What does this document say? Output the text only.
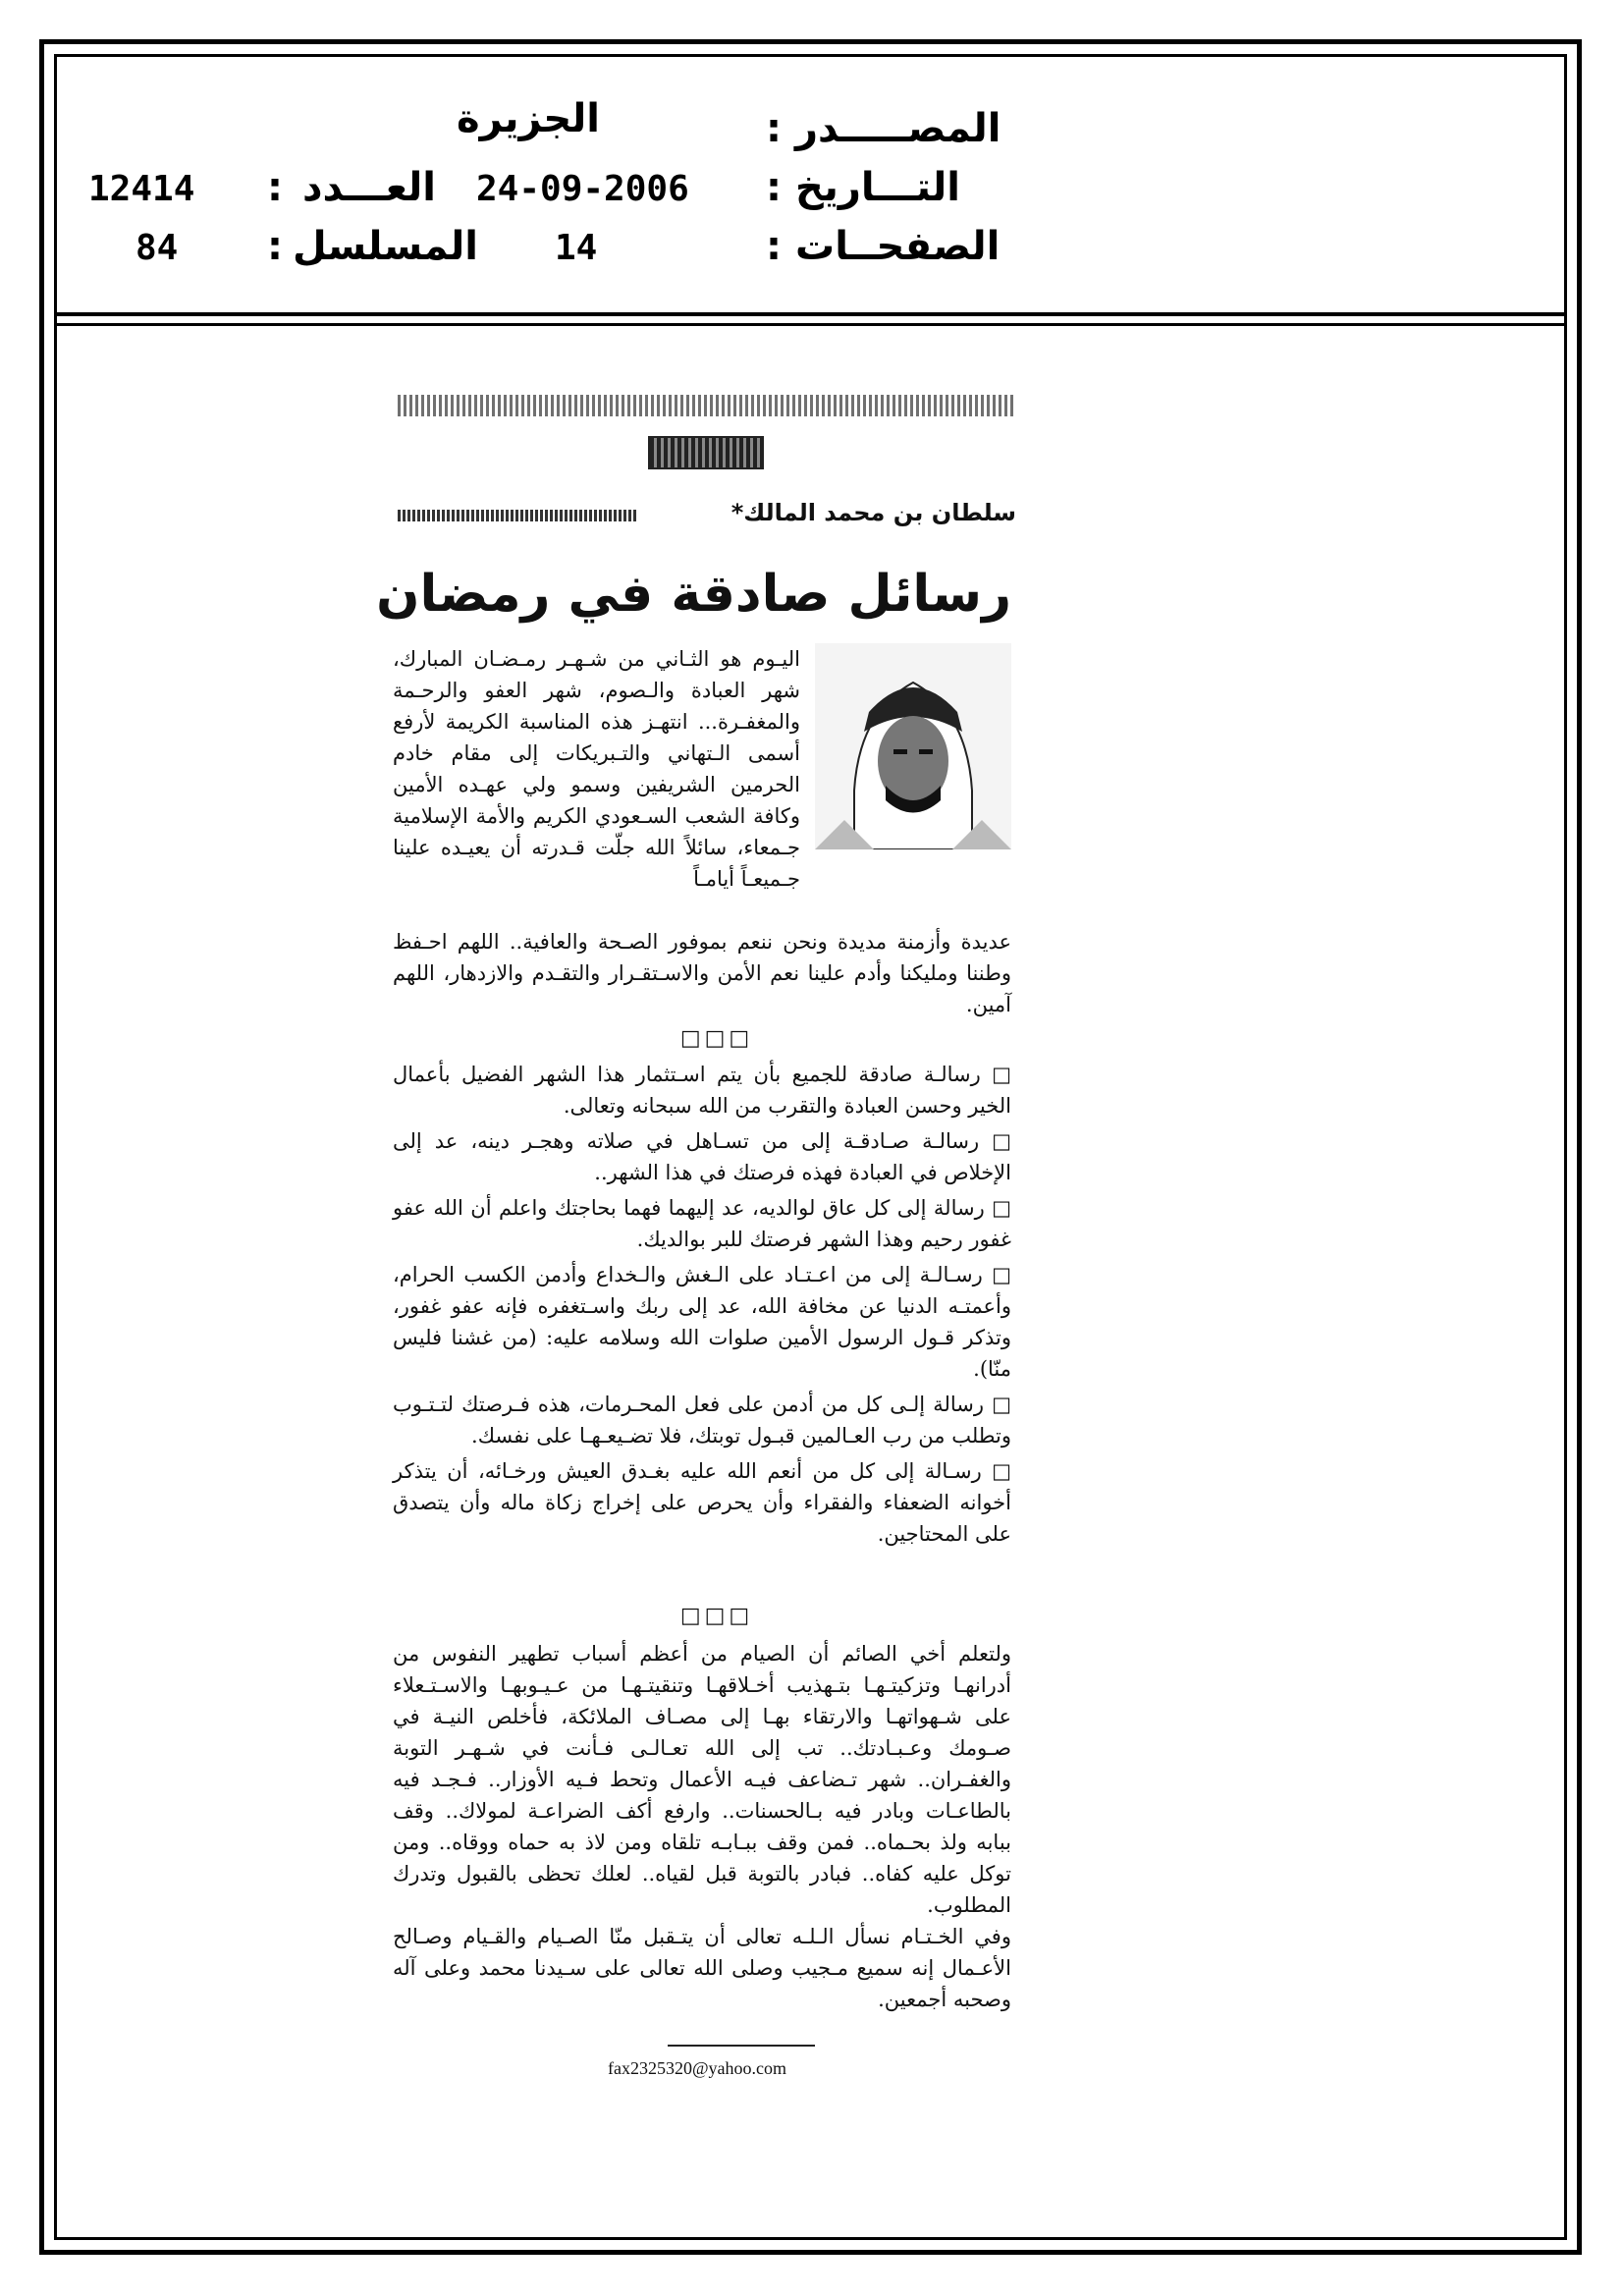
المصـــــدر
:
الجزيرة
التـــاريخ
:
24-09-2006
الصفحــات
:
14
العـــدد
:
12414
المسلسل
:
84
سلطان بن محمد المالك*
رسائل صادقة في رمضان
اليـوم هو الثـاني من شـهـر رمـضـان المبارك، شهر العبادة والـصوم، شهر العفو والرحـمة والمغفـرة... انتهـز هذه المناسبة الكريمة لأرفع أسمى الـتهاني والتـبريكات إلى مقام خادم الحرمين الشريفين وسمو ولي عهـده الأمين وكافة الشعب السـعودي الكريم والأمة الإسلامية جـمعاء، سائلاً الله جلّت قـدرته أن يعيـده علينا جـميعـاً أيامـاً
عديدة وأزمنة مديدة ونحن ننعم بموفور الصـحة والعافية.. اللهم احـفظ وطننا ومليكنا وأدم علينا نعم الأمن والاسـتقـرار والتقـدم والازدهار، اللهم آمين.
□□□

□ رسالـة صادقة للجميع بأن يتم اسـتثمار هذا الشهر الفضيل بأعمال الخير وحسن العبادة والتقرب من الله سبحانه وتعالى.

□ رسالـة صـادقـة إلى من تسـاهل في صلاته وهجـر دينه، عد إلى الإخلاص في العبادة فهذه فرصتك في هذا الشهر..

□ رسالة إلى كل عاق لوالديه، عد إليهما فهما بحاجتك واعلم أن الله عفو غفور رحيم وهذا الشهر فرصتك للبر بوالديك.

□ رسـالـة إلى من اعـتـاد على الـغش والـخداع وأدمن الكسب الحرام، وأعمتـه الدنيا عن مخافة الله، عد إلى ربك واسـتغفره فإنه عفو غفور، وتذكر قـول الرسول الأمين صلوات الله وسلامه عليه: (من غشنا فليس منّا).

□ رسالة إلـى كل من أدمن على فعل المحـرمات، هذه فـرصتك لتـتـوب وتطلب من رب العـالمين قبـول توبتك، فلا تضـيعـهـا على نفسك.

□ رسـالة إلى كل من أنعم الله عليه بغـدق العيش ورخـائه، أن يتذكر أخوانه الضعفاء والفقراء وأن يحرص على إخراج زكاة ماله وأن يتصدق على المحتاجين.

□□□

ولتعلم أخي الصائم أن الصيام من أعظم أسباب تطهير النفوس من أدرانهـا وتزكيتـهـا بتـهذيب أخـلاقهـا وتنقيتـهـا من عـيـوبهـا والاسـتـعلاء على شـهواتهـا والارتقاء بهـا إلى مصـاف الملائكة، فأخلص النيـة في صـومك وعـبـادتك.. تب إلى الله تعـالـى فـأنت في شـهـر التوبة والغفـران.. شهر تـضاعف فيـه الأعمال وتحط فـيه الأوزار.. فـجـد فيه بالطاعـات وبادر فيه بـالحسنات.. وارفع أكف الضراعـة لمولاك.. وقف ببابه ولذ بحـماه.. فمن وقف ببـابـه تلقاه ومن لاذ به حماه ووقاه.. ومن توكل عليه كفاه.. فبادر بالتوبة قبل لقياه.. لعلك تحظى بالقبول وتدرك المطلوب.

وفي الخـتـام نسأل الـلـه تعالى أن يتـقبل منّا الصـيام والقـيام وصـالح الأعـمال إنه سميع مـجيب وصلى الله تعالى على سـيدنا محمد وعلى آله وصحبه أجمعين.

fax2325320@yahoo.com
